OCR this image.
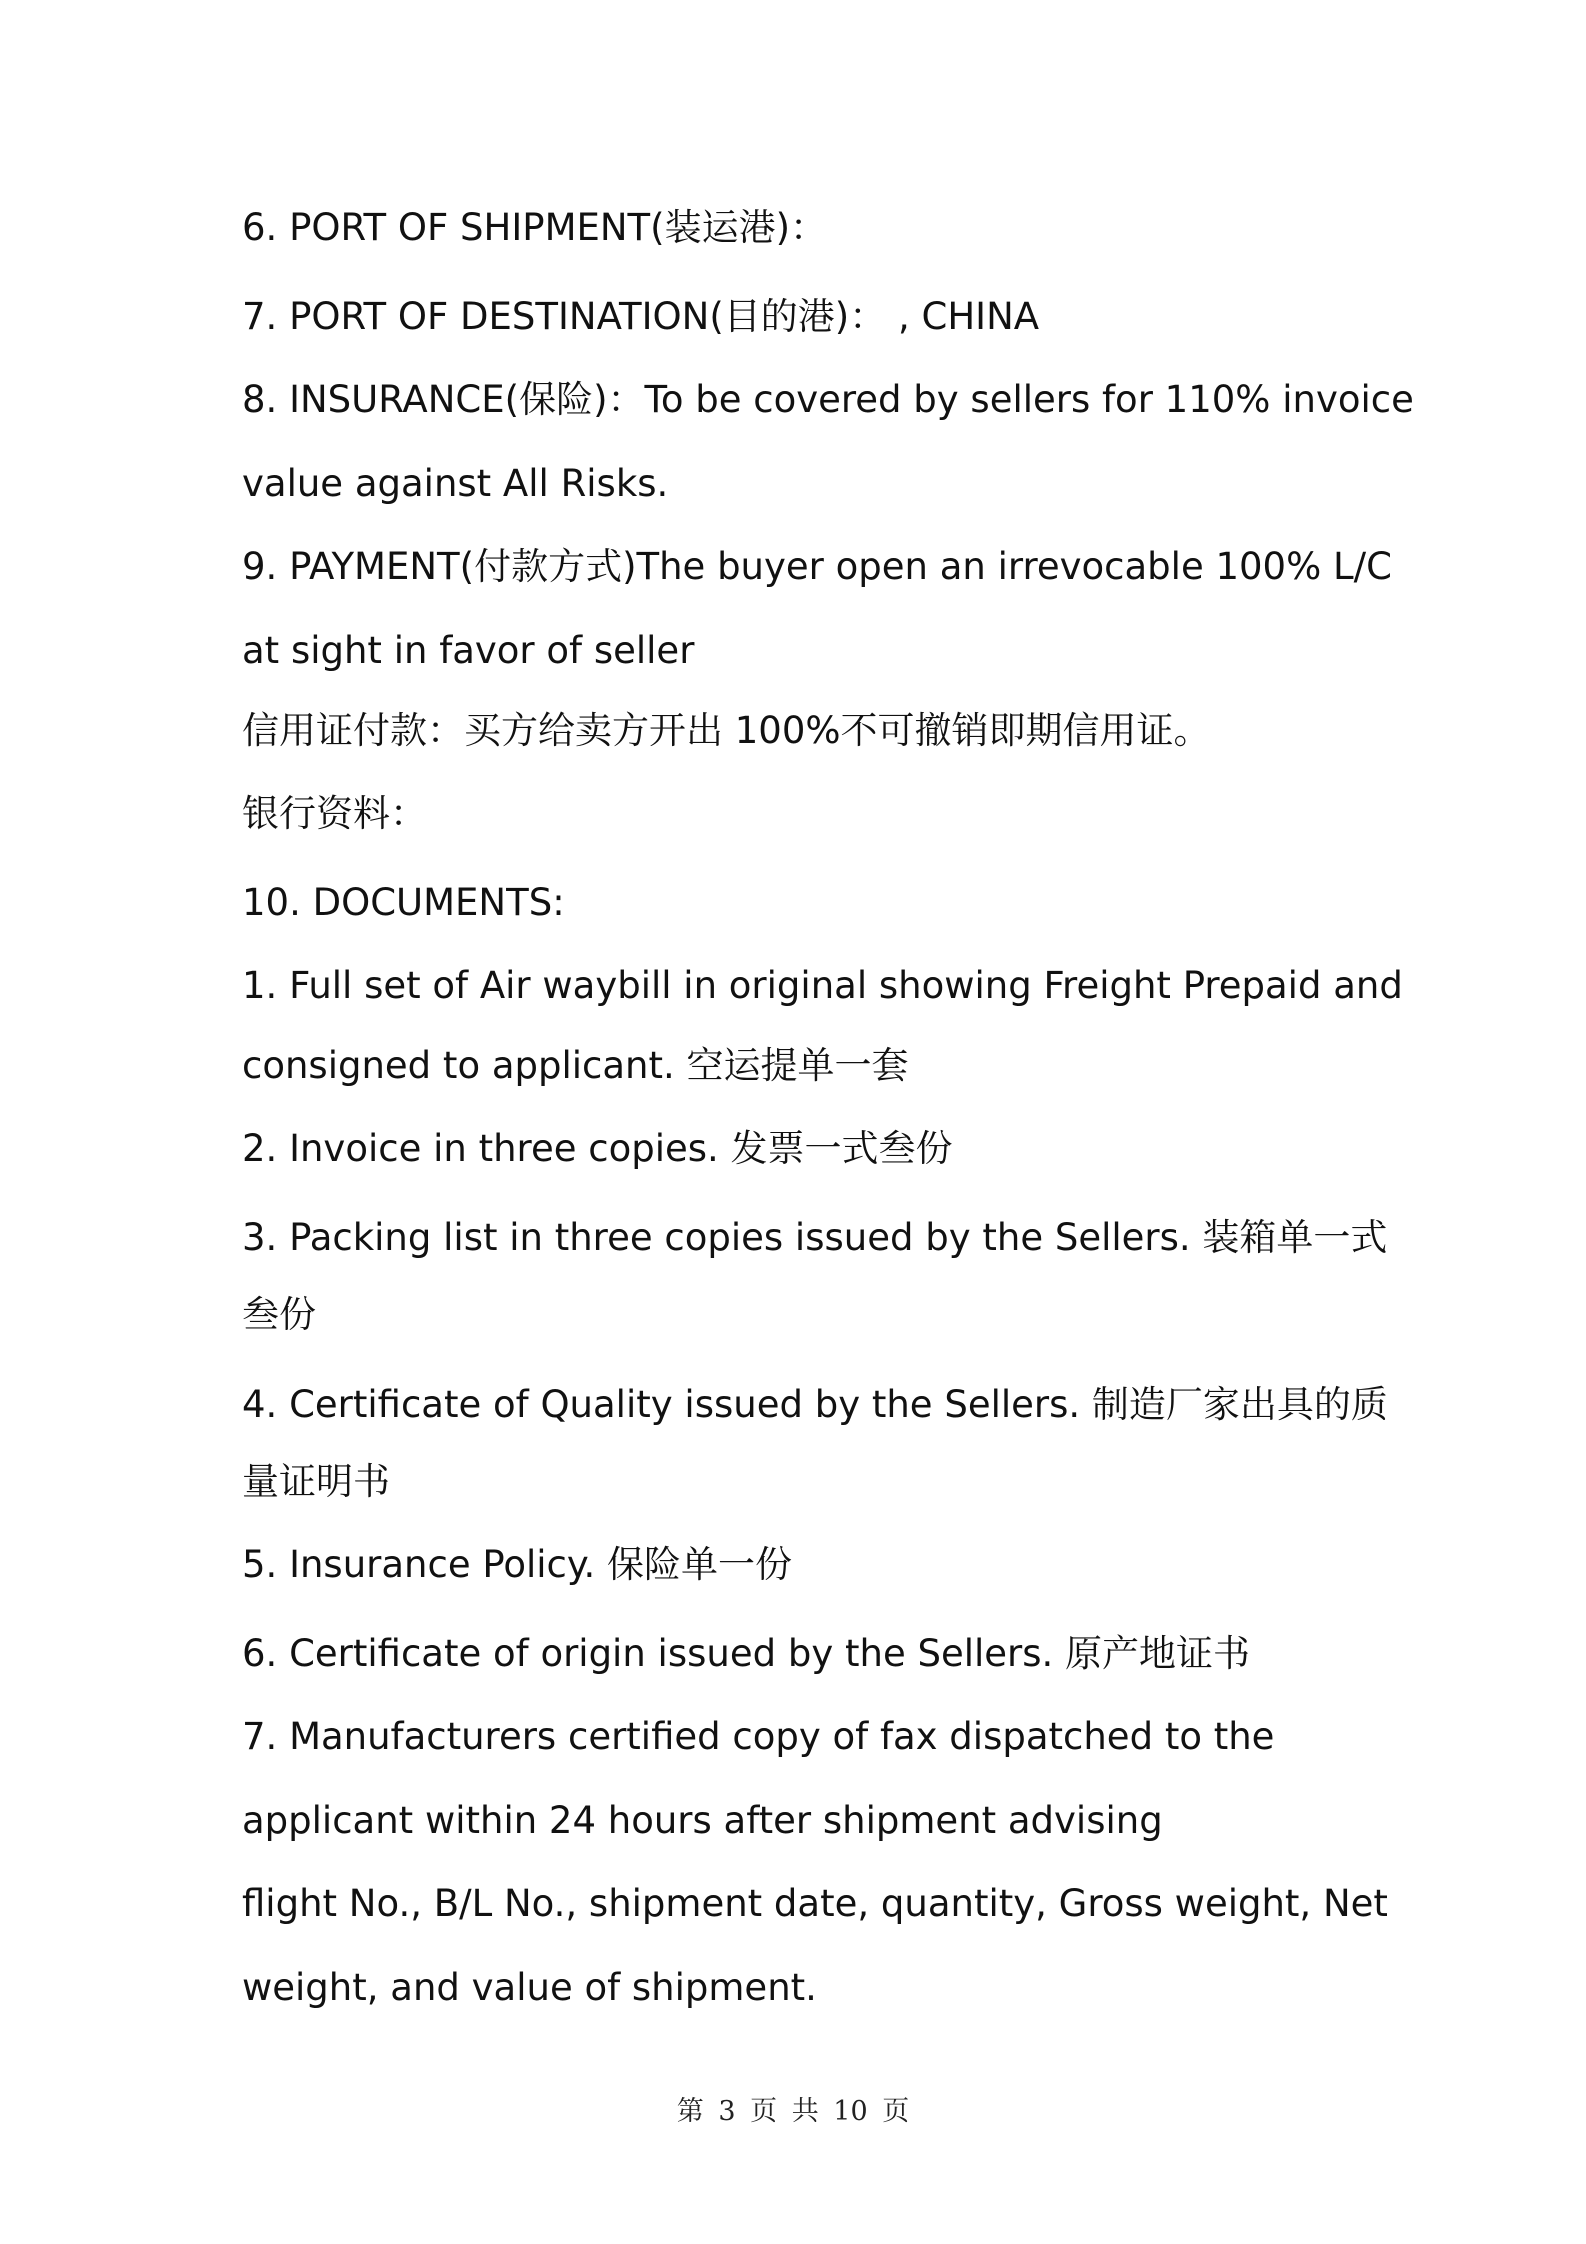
6. PORT OF SHIPMENT(装运港)：
7. PORT OF DESTINATION(目的港)： , CHINA
8. INSURANCE(保险)：To be covered by sellers for 110% invoice
value against All Risks.
9. PAYMENT(付款方式)The buyer open an irrevocable 100% L/C
at sight in favor of seller
信用证付款：买方给卖方开出 100%不可撤销即期信用证。
银行资料：
10. DOCUMENTS:
1. Full set of Air waybill in original showing Freight Prepaid and
consigned to applicant. 空运提单一套
2. Invoice in three copies. 发票一式叁份
3. Packing list in three copies issued by the Sellers. 装箱单一式
叁份
4. Certificate of Quality issued by the Sellers. 制造厂家出具的质
量证明书
5. Insurance Policy. 保险单一份
6. Certificate of origin issued by the Sellers. 原产地证书
7. Manufacturers certified copy of fax dispatched to the
applicant within 24 hours after shipment advising
flight No., B/L No., shipment date, quantity, Gross weight, Net
weight, and value of shipment.
第 3 页 共 10 页
